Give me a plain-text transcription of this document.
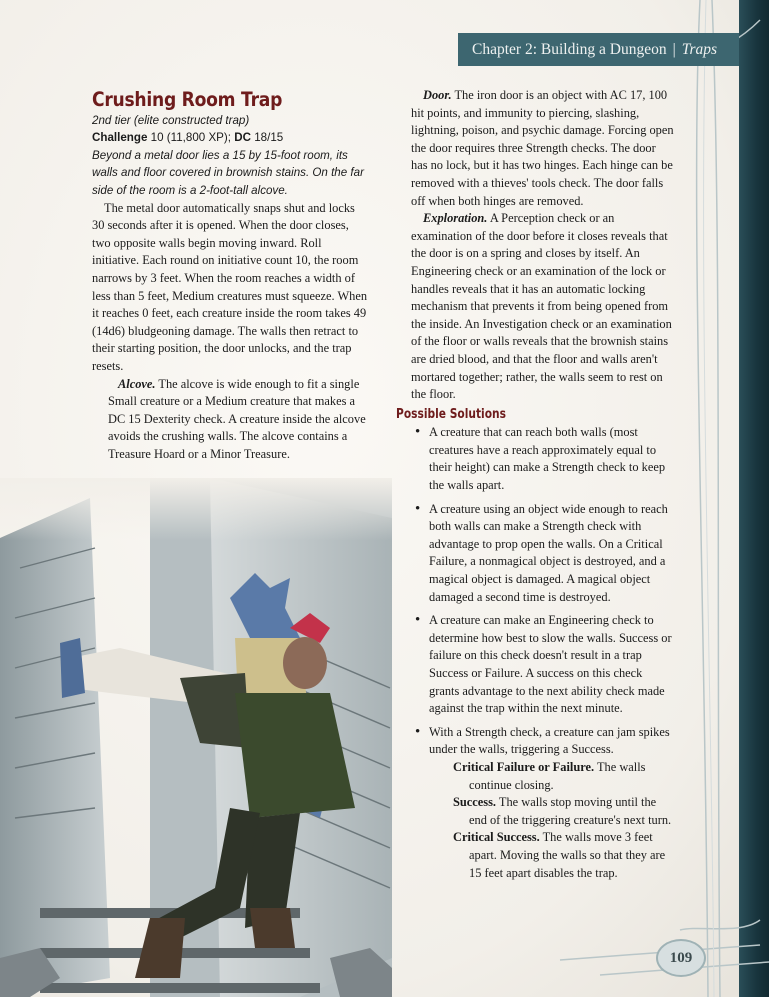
Chapter 2: Building a Dungeon | Traps
Crushing Room Trap

2nd tier (elite constructed trap)

Challenge 10 (11,800 XP); DC 18/15

Beyond a metal door lies a 15 by 15-foot room, its walls and floor covered in brownish stains. On the far side of the room is a 2-foot-tall alcove.

The metal door automatically snaps shut and locks 30 seconds after it is opened. When the door closes, two opposite walls begin moving inward. Roll initiative. Each round on initiative count 10, the room narrows by 3 feet. When the room reaches a width of less than 5 feet, Medium creatures must squeeze. When it reaches 0 feet, each creature inside the room takes 49 (14d6) bludgeoning damage. The walls then retract to their starting position, the door unlocks, and the trap resets.

Alcove. The alcove is wide enough to fit a single Small creature or a Medium creature that makes a DC 15 Dexterity check. A creature inside the alcove avoids the crushing walls. The alcove contains a Treasure Hoard or a Minor Treasure.

Door. The iron door is an object with AC 17, 100 hit points, and immunity to piercing, slashing, lightning, poison, and psychic damage. Forcing open the door requires three Strength checks. The door has no lock, but it has two hinges. Each hinge can be removed with a thieves' tools check. The door falls off when both hinges are removed.

Exploration. A Perception check or an examination of the door before it closes reveals that the door is on a spring and closes by itself. An Engineering check or an examination of the lock or handles reveals that it has an automatic locking mechanism that prevents it from being opened from the inside. An Investigation check or an examination of the floor or walls reveals that the brownish stains are dried blood, and that the floor and walls aren't mortared together; rather, the walls seem to rest on the floor.

Possible Solutions
• A creature that can reach both walls (most creatures have a reach approximately equal to their height) can make a Strength check to keep the walls apart.
• A creature using an object wide enough to reach both walls can make a Strength check with advantage to prop open the walls. On a Critical Failure, a nonmagical object is destroyed, and a magical object is damaged. A magical object damaged a second time is destroyed.
• A creature can make an Engineering check to determine how best to slow the walls. Success or failure on this check doesn't result in a trap Success or Failure. A success on this check grants advantage to the next ability check made against the trap within the next minute.
• With a Strength check, a creature can jam spikes under the walls, triggering a Success.

Critical Failure or Failure. The walls continue closing.

Success. The walls stop moving until the end of the triggering creature's next turn.

Critical Success. The walls move 3 feet apart. Moving the walls so that they are 15 feet apart disables the trap.

109
